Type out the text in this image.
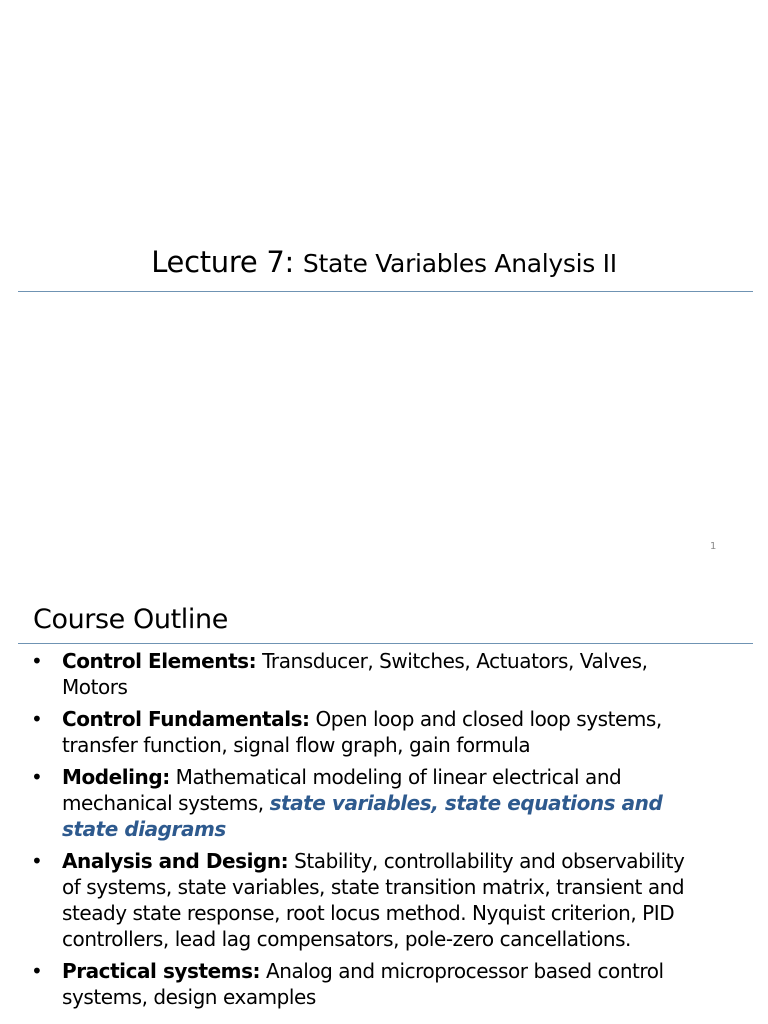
Lecture 7: State Variables Analysis II
1
Course Outline
• Control Elements: Transducer, Switches, Actuators, Valves, Motors
• Control Fundamentals: Open loop and closed loop systems, transfer function, signal flow graph, gain formula
• Modeling: Mathematical modeling of linear electrical and mechanical systems, state variables, state equations and state diagrams
• Analysis and Design: Stability, controllability and observability of systems, state variables, state transition matrix, transient and steady state response, root locus method. Nyquist criterion, PID controllers, lead lag compensators, pole-zero cancellations.
• Practical systems: Analog and microprocessor based control systems, design examples
